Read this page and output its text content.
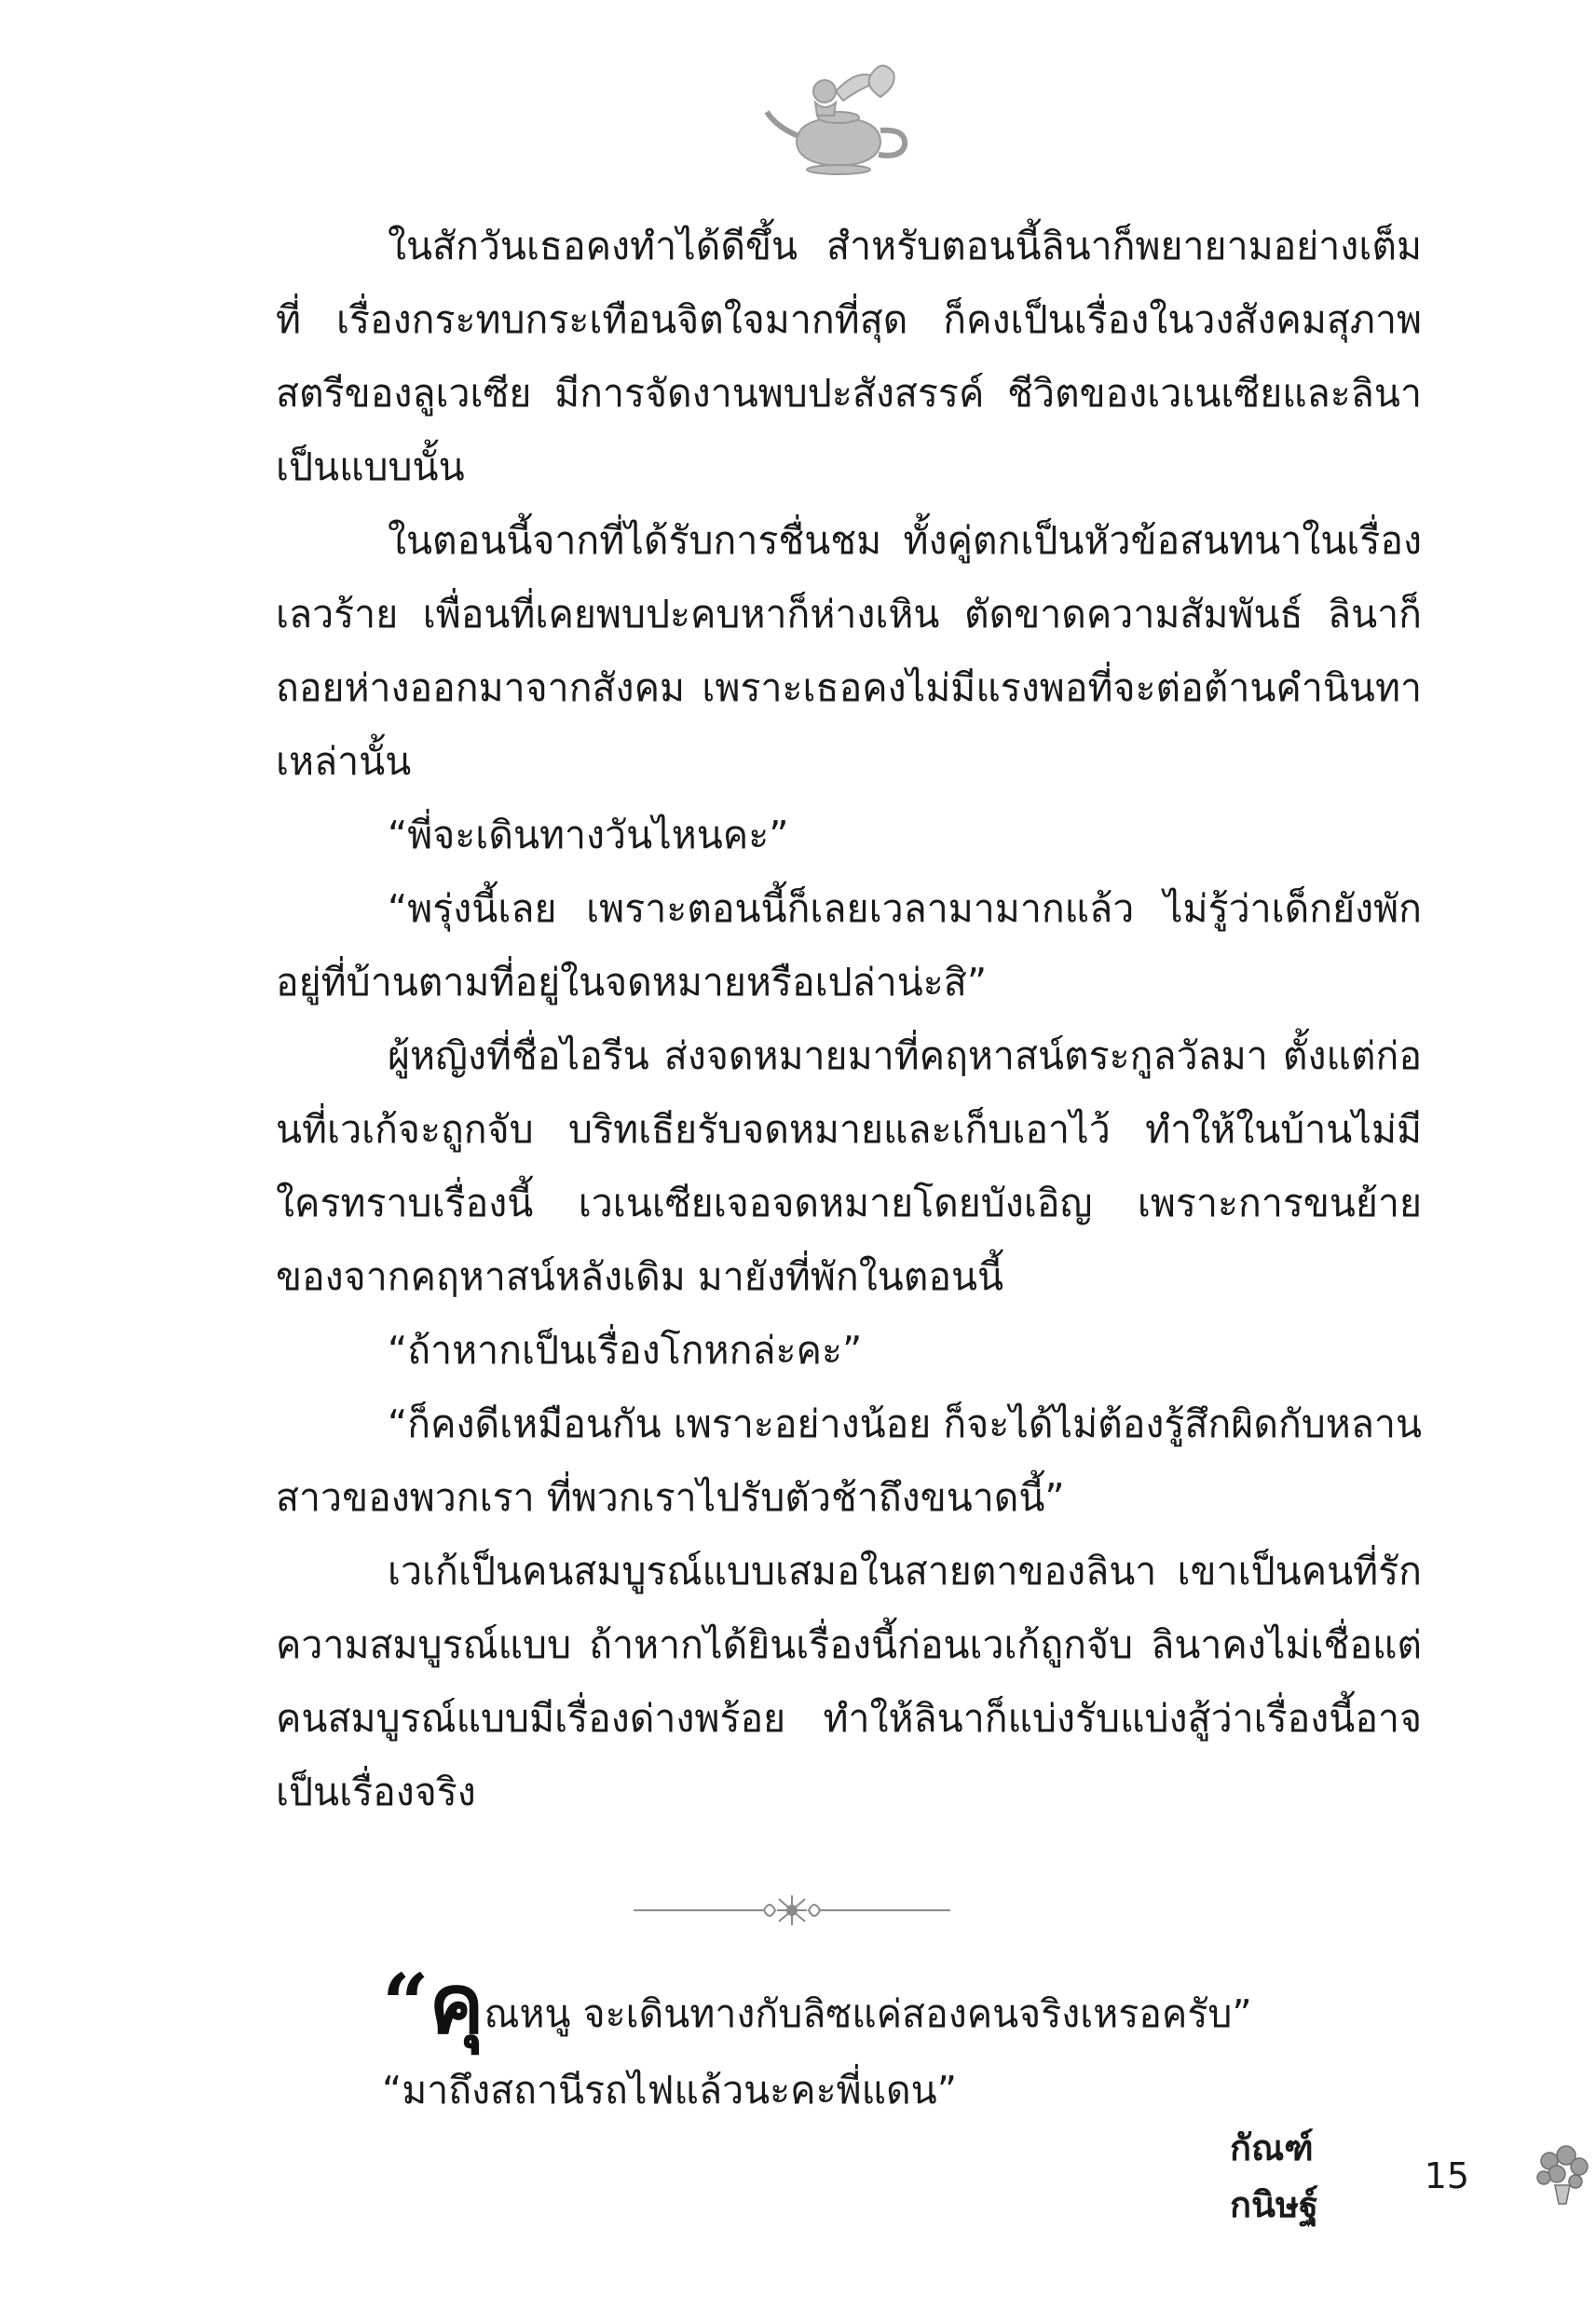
ในสักวันเธอคงทำได้ดีขึ้น สำหรับตอนนี้ลินาก็พยายามอย่างเต็มที่ เรื่องกระทบกระเทือนจิตใจมากที่สุด ก็คงเป็นเรื่องในวงสังคมสุภาพสตรีของลูเวเซีย มีการจัดงานพบปะสังสรรค์ ชีวิตของเวเนเซียและลินาเป็นแบบนั้น

ในตอนนี้จากที่ได้รับการชื่นชม ทั้งคู่ตกเป็นหัวข้อสนทนาในเรื่องเลวร้าย เพื่อนที่เคยพบปะคบหาก็ห่างเหิน ตัดขาดความสัมพันธ์ ลินาก็ถอยห่างออกมาจากสังคม เพราะเธอคงไม่มีแรงพอที่จะต่อต้านคำนินทาเหล่านั้น

“พี่จะเดินทางวันไหนคะ”

“พรุ่งนี้เลย เพราะตอนนี้ก็เลยเวลามามากแล้ว ไม่รู้ว่าเด็กยังพักอยู่ที่บ้านตามที่อยู่ในจดหมายหรือเปล่าน่ะสิ”

ผู้หญิงที่ชื่อไอรีน ส่งจดหมายมาที่คฤหาสน์ตระกูลวัลมา ตั้งแต่ก่อนที่เวเก้จะถูกจับ บริทเธียรับจดหมายและเก็บเอาไว้ ทำให้ในบ้านไม่มีใครทราบเรื่องนี้ เวเนเซียเจอจดหมายโดยบังเอิญ เพราะการขนย้ายของจากคฤหาสน์หลังเดิม มายังที่พักในตอนนี้

“ถ้าหากเป็นเรื่องโกหกล่ะคะ”

“ก็คงดีเหมือนกัน เพราะอย่างน้อย ก็จะได้ไม่ต้องรู้สึกผิดกับหลานสาวของพวกเรา ที่พวกเราไปรับตัวช้าถึงขนาดนี้”

เวเก้เป็นคนสมบูรณ์แบบเสมอในสายตาของลินา เขาเป็นคนที่รักความสมบูรณ์แบบ ถ้าหากได้ยินเรื่องนี้ก่อนเวเก้ถูกจับ ลินาคงไม่เชื่อแต่คนสมบูรณ์แบบมีเรื่องด่างพร้อย ทำให้ลินาก็แบ่งรับแบ่งสู้ว่าเรื่องนี้อาจเป็นเรื่องจริง

“คุณหนู จะเดินทางกับลิซแค่สองคนจริงเหรอครับ”

“มาถึงสถานีรถไฟแล้วนะคะพี่แดน”

กัณฑ์กนิษฐ์
15
